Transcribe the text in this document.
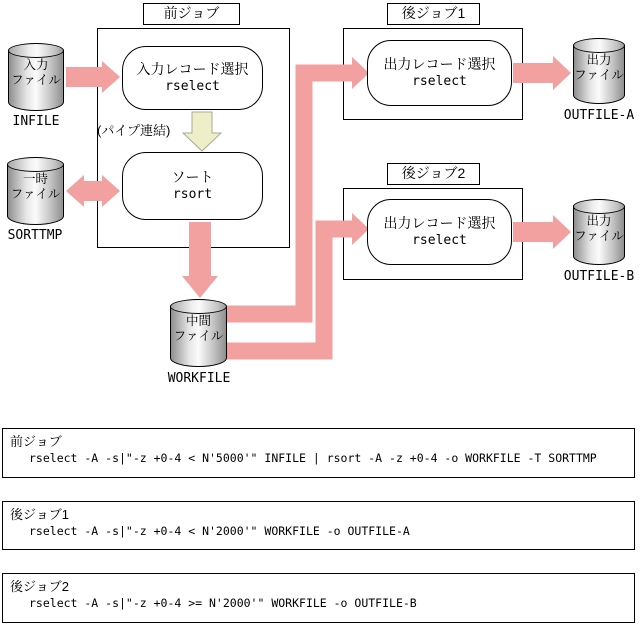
前ジョブ	後ジョブ1
後ジョブ2
入力レコード選択
rselect
ソート
rsort
出力レコード選択
rselect
出力レコード選択
rselect
(パイプ連結)
入力
ファイル
INFILE
一時
ファイル
SORTTMP
中間
ファイル
WORKFILE
出力
ファイル
OUTFILE-A
出力
ファイル
OUTFILE-B
前ジョブ
rselect -A -s|"-z +0-4 < N'5000'" INFILE | rsort -A -z +0-4 -o WORKFILE -T SORTTMP
後ジョブ1
rselect -A -s|"-z +0-4 < N'2000'" WORKFILE -o OUTFILE-A
後ジョブ2
rselect -A -s|"-z +0-4 >= N'2000'" WORKFILE -o OUTFILE-B
